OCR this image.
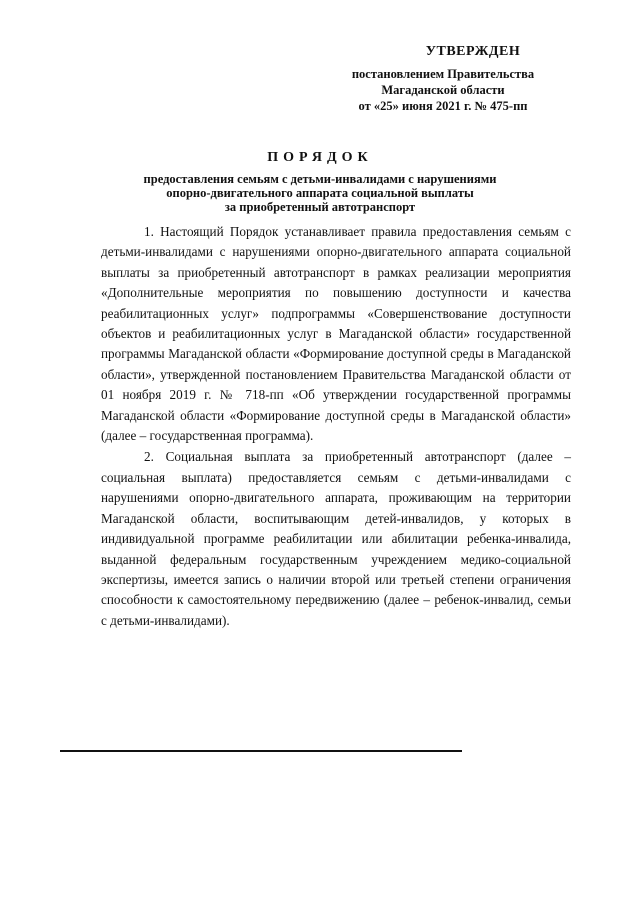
УТВЕРЖДЕН
постановлением Правительства
Магаданской области
от «25» июня 2021 г. № 475-пп
ПОРЯДОК
предоставления семьям с детьми-инвалидами с нарушениями
опорно-двигательного аппарата социальной выплаты
за приобретенный автотранспорт

1. Настоящий Порядок устанавливает правила предоставления семьям с детьми-инвалидами с нарушениями опорно-двигательного аппарата социальной выплаты за приобретенный автотранспорт в рамках реализации мероприятия «Дополнительные мероприятия по повышению доступности и качества реабилитационных услуг» подпрограммы «Совершенствование доступности объектов и реабилитационных услуг в Магаданской области» государственной программы Магаданской области «Формирование доступной среды в Магаданской области», утвержденной постановлением Правительства Магаданской области от 01 ноября 2019 г. № 718-пп «Об утверждении государственной программы Магаданской области «Формирование доступной среды в Магаданской области» (далее – государственная программа).

2. Социальная выплата за приобретенный автотранспорт (далее – социальная выплата) предоставляется семьям с детьми-инвалидами с нарушениями опорно-двигательного аппарата, проживающим на территории Магаданской области, воспитывающим детей-инвалидов, у которых в индивидуальной программе реабилитации или абилитации ребенка-инвалида, выданной федеральным государственным учреждением медико-социальной экспертизы, имеется запись о наличии второй или третьей степени ограничения способности к самостоятельному передвижению (далее – ребенок-инвалид, семьи с детьми-инвалидами).
